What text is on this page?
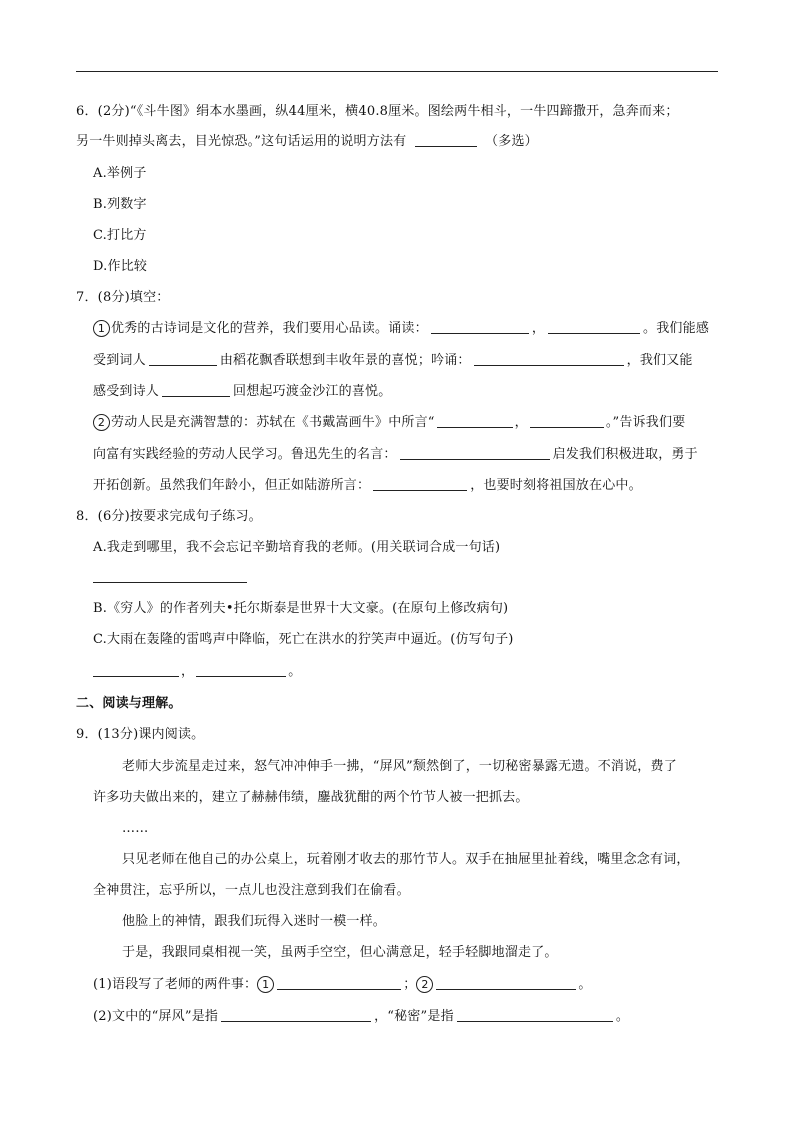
6．(2分)“《斗牛图》绢本水墨画，纵44厘米，横40.8厘米。图绘两牛相斗，一牛四蹄撒开，急奔而来；
另一牛则掉头离去，目光惊恐。”这句话运用的说明方法有	（多选）
A.举例子
B.列数字
C.打比方
D.作比较
7．(8分)填空：
1 优秀的古诗词是文化的营养，我们要用心品读。诵读：	，	。我们能感
受到词人	由稻花飘香联想到丰收年景的喜悦；吟诵：	，我们又能
感受到诗人	回想起巧渡金沙江的喜悦。
2 劳动人民是充满智慧的：苏轼在《书戴嵩画牛》中所言“	，	。”告诉我们要
向富有实践经验的劳动人民学习。鲁迅先生的名言：	启发我们积极进取，勇于
开拓创新。虽然我们年龄小，但正如陆游所言：	，也要时刻将祖国放在心中。
8．(6分)按要求完成句子练习。
A.我走到哪里，我不会忘记辛勤培育我的老师。(用关联词合成一句话)
B.《穷人》的作者列夫•托尔斯泰是世界十大文豪。(在原句上修改病句)
C.大雨在轰隆的雷鸣声中降临，死亡在洪水的狞笑声中逼近。(仿写句子)
，	。
二、阅读与理解。
9．(13分)课内阅读。
老师大步流星走过来，怒气冲冲伸手一拂，“屏风”颓然倒了，一切秘密暴露无遗。不消说，费了
许多功夫做出来的，建立了赫赫伟绩，鏖战犹酣的两个竹节人被一把抓去。
……
只见老师在他自己的办公桌上，玩着刚才收去的那竹节人。双手在抽屉里扯着线，嘴里念念有词，
全神贯注，忘乎所以，一点儿也没注意到我们在偷看。
他脸上的神情，跟我们玩得入迷时一模一样。
于是，我跟同桌相视一笑，虽两手空空，但心满意足，轻手轻脚地溜走了。
(1)语段写了老师的两件事： 1	； 2	。
(2)文中的“屏风”是指	，“秘密”是指	。
